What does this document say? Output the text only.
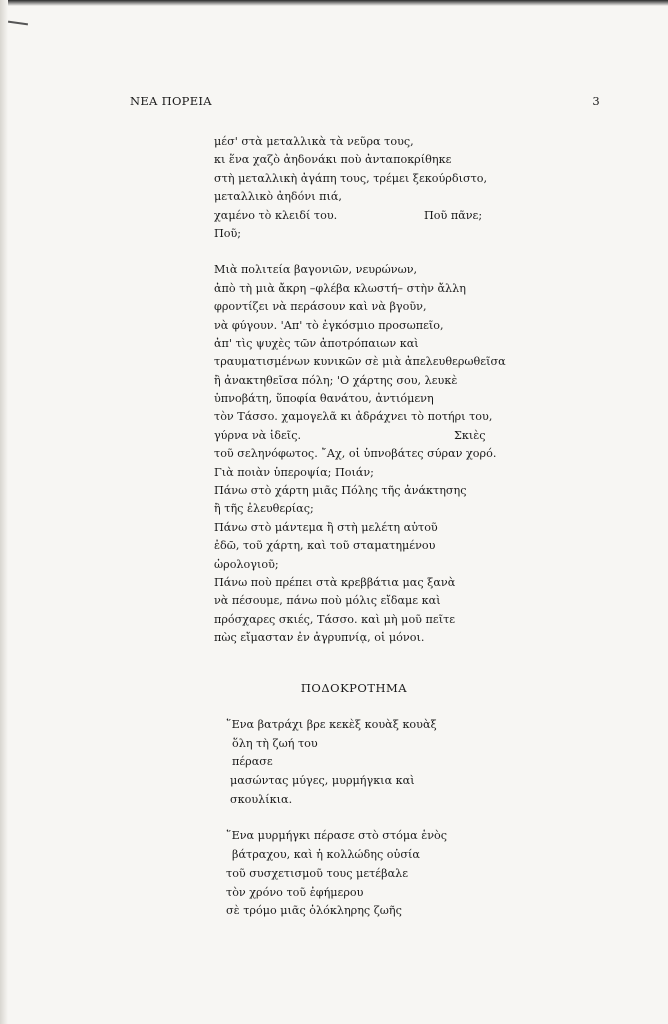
ΝΕΑ ΠΟΡΕΙΑ	3
μέσ' στὰ μεταλλικὰ τὰ νεῦρα τους,
κι ἕνα χαζὸ ἀηδονάκι ποὺ ἀνταποκρίθηκε
στὴ μεταλλικὴ ἀγάπη τους, τρέμει ξεκούρδιστο,
μεταλλικὸ ἀηδόνι πιά,
χαμένο τὸ κλειδί του.	Ποῦ πᾶνε;
Ποῦ;
Μιὰ πολιτεία βαγονιῶν, νευρώνων,
ἀπὸ τὴ μιὰ ἄκρη –φλέβα κλωστή– στὴν ἄλλη
φροντίζει νὰ περάσουν καὶ νὰ βγοῦν,
νὰ φύγουν. 'Απ' τὸ ἐγκόσμιο προσωπεῖο,
ἀπ' τὶς ψυχὲς τῶν ἀποτρόπαιων καὶ
τραυματισμένων κυνικῶν σὲ μιὰ ἀπελευθερωθεῖσα
ἢ ἀνακτηθεῖσα πόλη; 'Ο χάρτης σου, λευκὲ
ὑπνοβάτη, ὕποφία θανάτου, ἀντιόμενη
τὸν Τάσσο. χαμογελᾶ κι ἀδράχνει τὸ ποτήρι του,
γύρνα νὰ ἰδεῖς.	Σκιὲς
τοῦ σεληνόφωτος. ῎Αχ, οἱ ὑπνοβάτες σύραν χορό.
Γιὰ ποιὰν ὑπεροψία; Ποιάν;
Πάνω στὸ χάρτη μιᾶς Πόλης τῆς ἀνάκτησης
ἢ τῆς ἐλευθερίας;
Πάνω στὸ μάντεμα ἢ στὴ μελέτη αὐτοῦ
ἐδῶ, τοῦ χάρτη, καὶ τοῦ σταματημένου
ὡρολογιοῦ;
Πάνω ποὺ πρέπει στὰ κρεββάτια μας ξανὰ
νὰ πέσουμε, πάνω ποὺ μόλις εἴδαμε καὶ
πρόσχαρες σκιές, Τάσσο. καὶ μὴ μοῦ πεῖτε
πὼς εἴμασταν ἐν ἀγρυπνίᾳ, οἱ μόνοι.
ΠΟΔΟΚΡΟΤΗΜΑ
῞Ενα βατράχι βρε κεκὲξ κουὰξ κουὰξ
ὅλη τὴ ζωή του
πέρασε
μασώντας μύγες, μυρμήγκια καὶ
σκουλίκια.
῞Ενα μυρμήγκι πέρασε στὸ στόμα ἑνὸς
βάτραχου, καὶ ἡ κολλώδης οὐσία
τοῦ συσχετισμοῦ τους μετέβαλε
τὸν χρόνο τοῦ ἐφήμερου
σὲ τρόμο μιᾶς ὁλόκληρης ζωῆς
